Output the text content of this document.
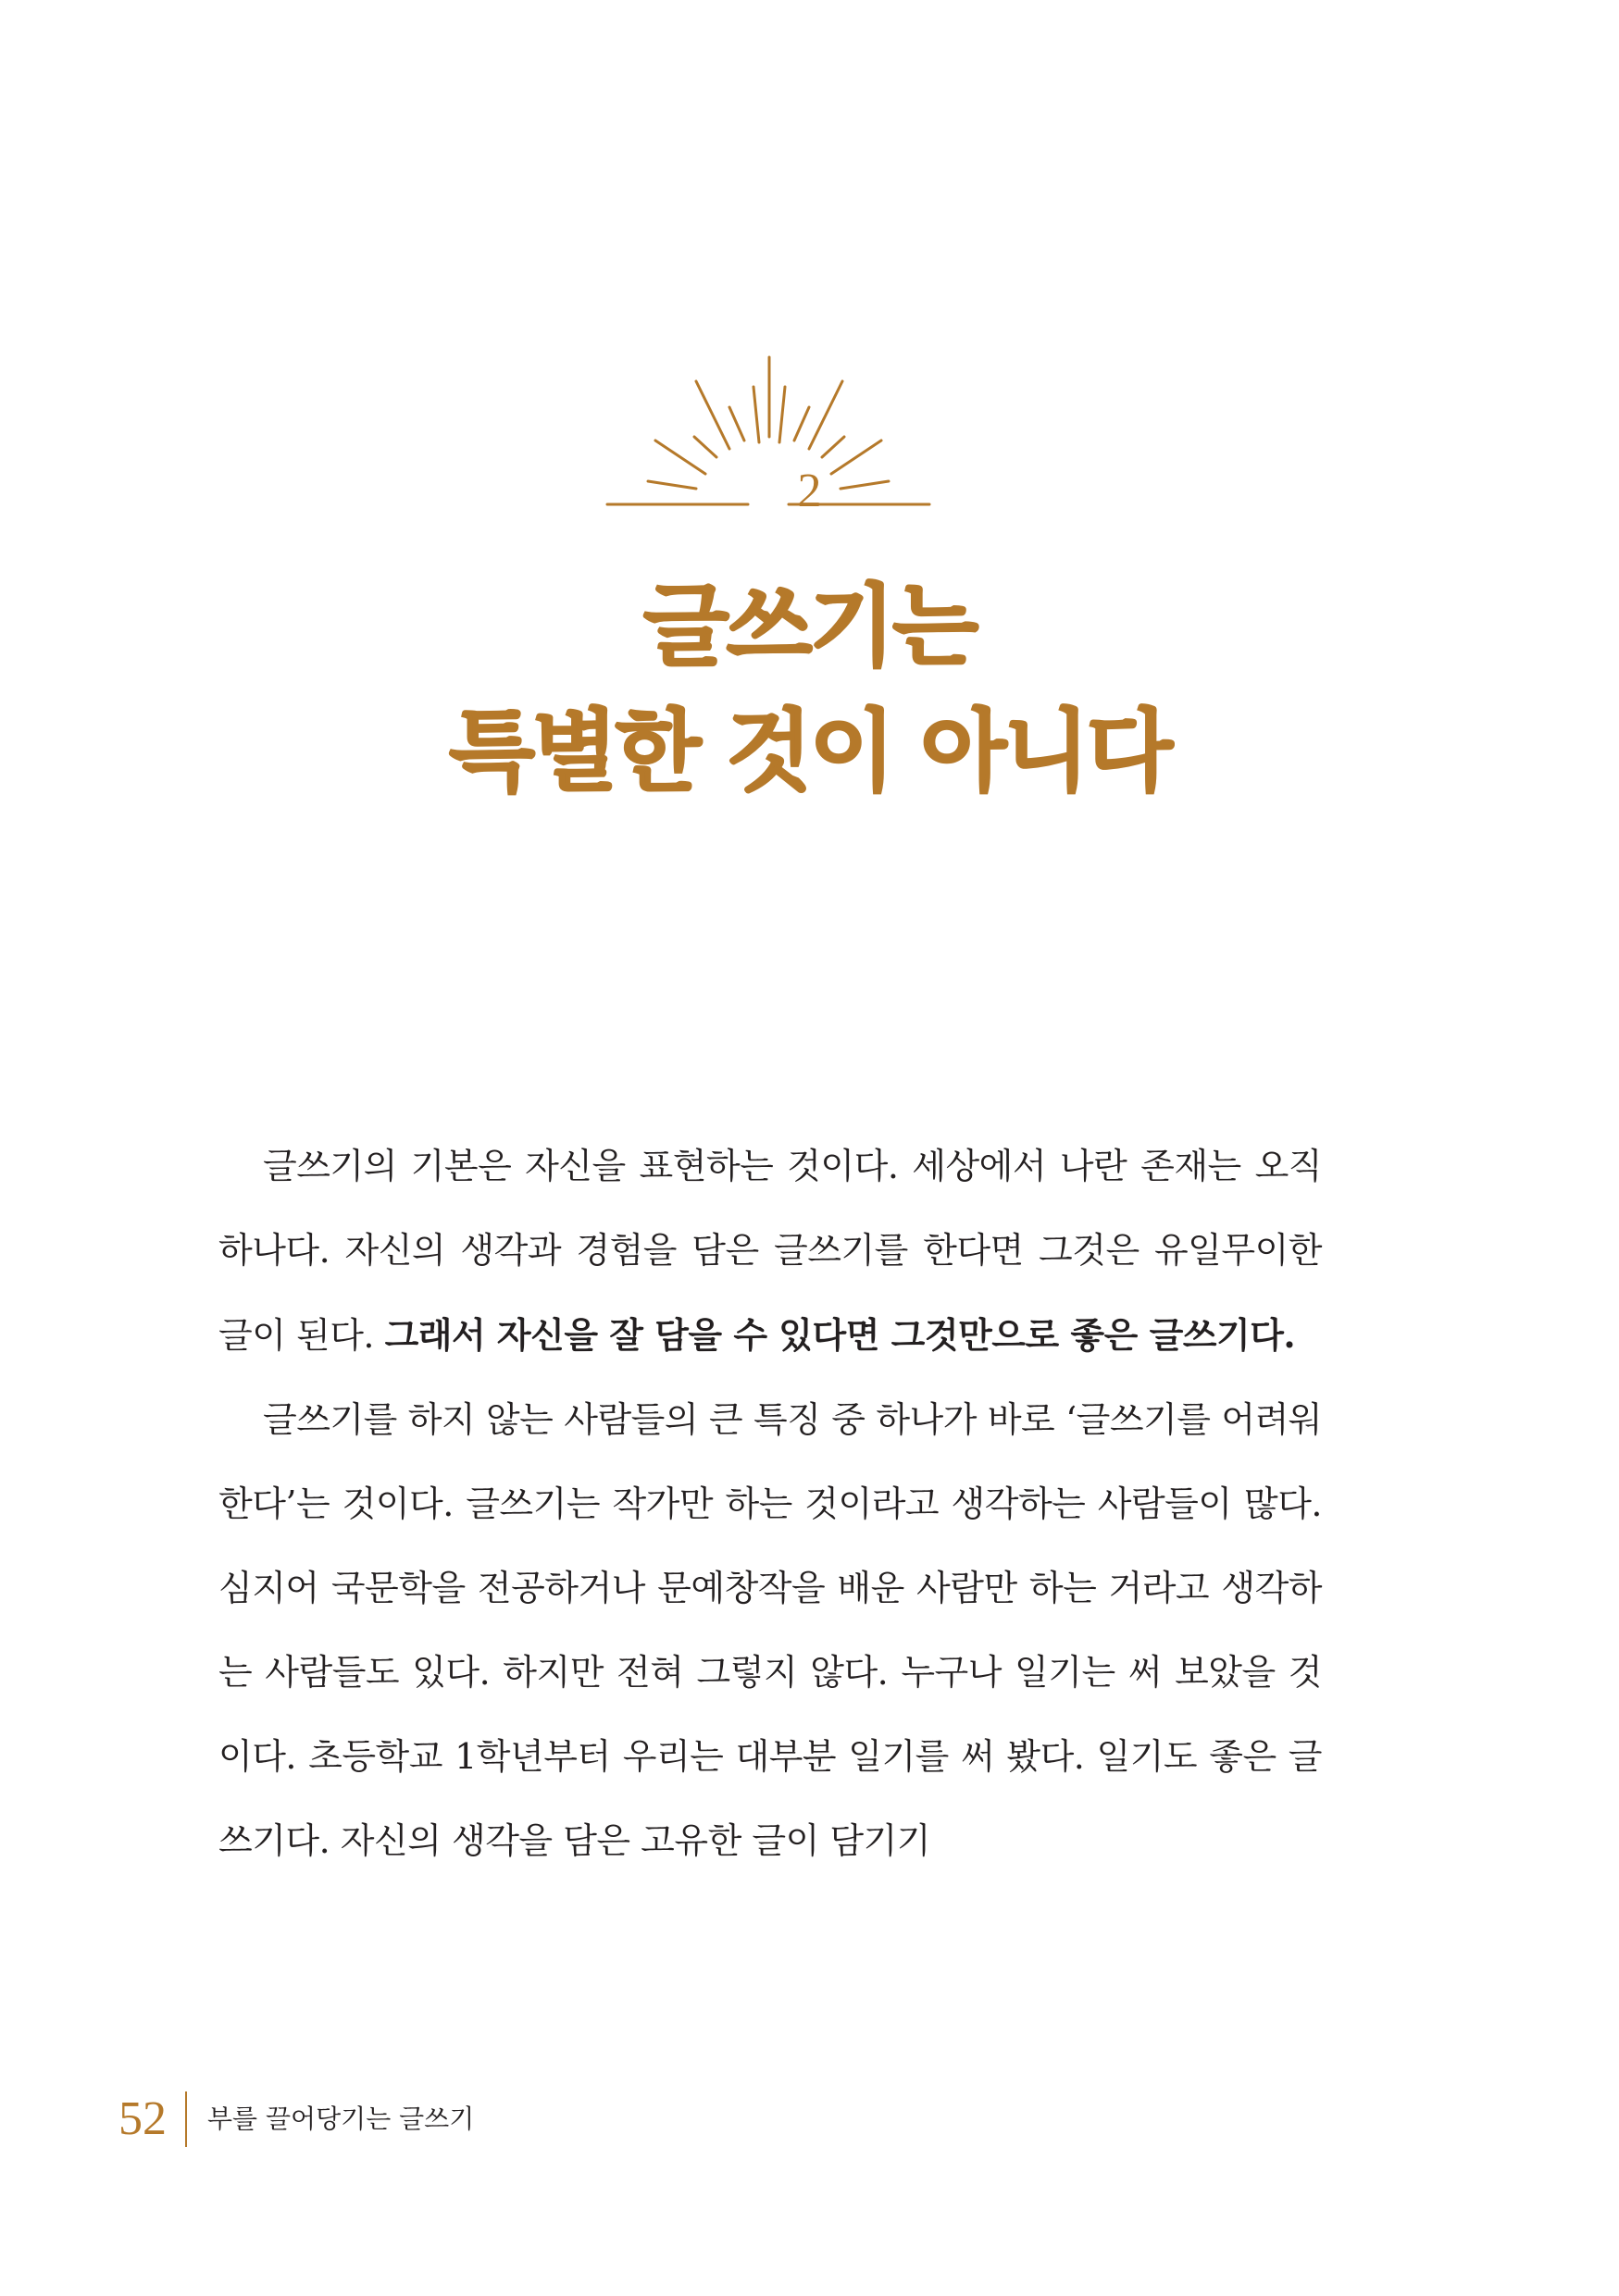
2
글쓰기는
특별한 것이 아니다

글쓰기의 기본은 자신을 표현하는 것이다. 세상에서 나란 존재는 오직 하나다. 자신의 생각과 경험을 담은 글쓰기를 한다면 그것은 유일무이한 글이 된다. 그래서 자신을 잘 담을 수 있다면 그것만으로 좋은 글쓰기다.

글쓰기를 하지 않는 사람들의 큰 특징 중 하나가 바로 ‘글쓰기를 어려워한다’는 것이다. 글쓰기는 작가만 하는 것이라고 생각하는 사람들이 많다. 심지어 국문학을 전공하거나 문예창작을 배운 사람만 하는 거라고 생각하는 사람들도 있다. 하지만 전혀 그렇지 않다. 누구나 일기는 써 보았을 것이다. 초등학교 1학년부터 우리는 대부분 일기를 써 봤다. 일기도 좋은 글쓰기다. 자신의 생각을 담은 고유한 글이 담기기

52 부를 끌어당기는 글쓰기
